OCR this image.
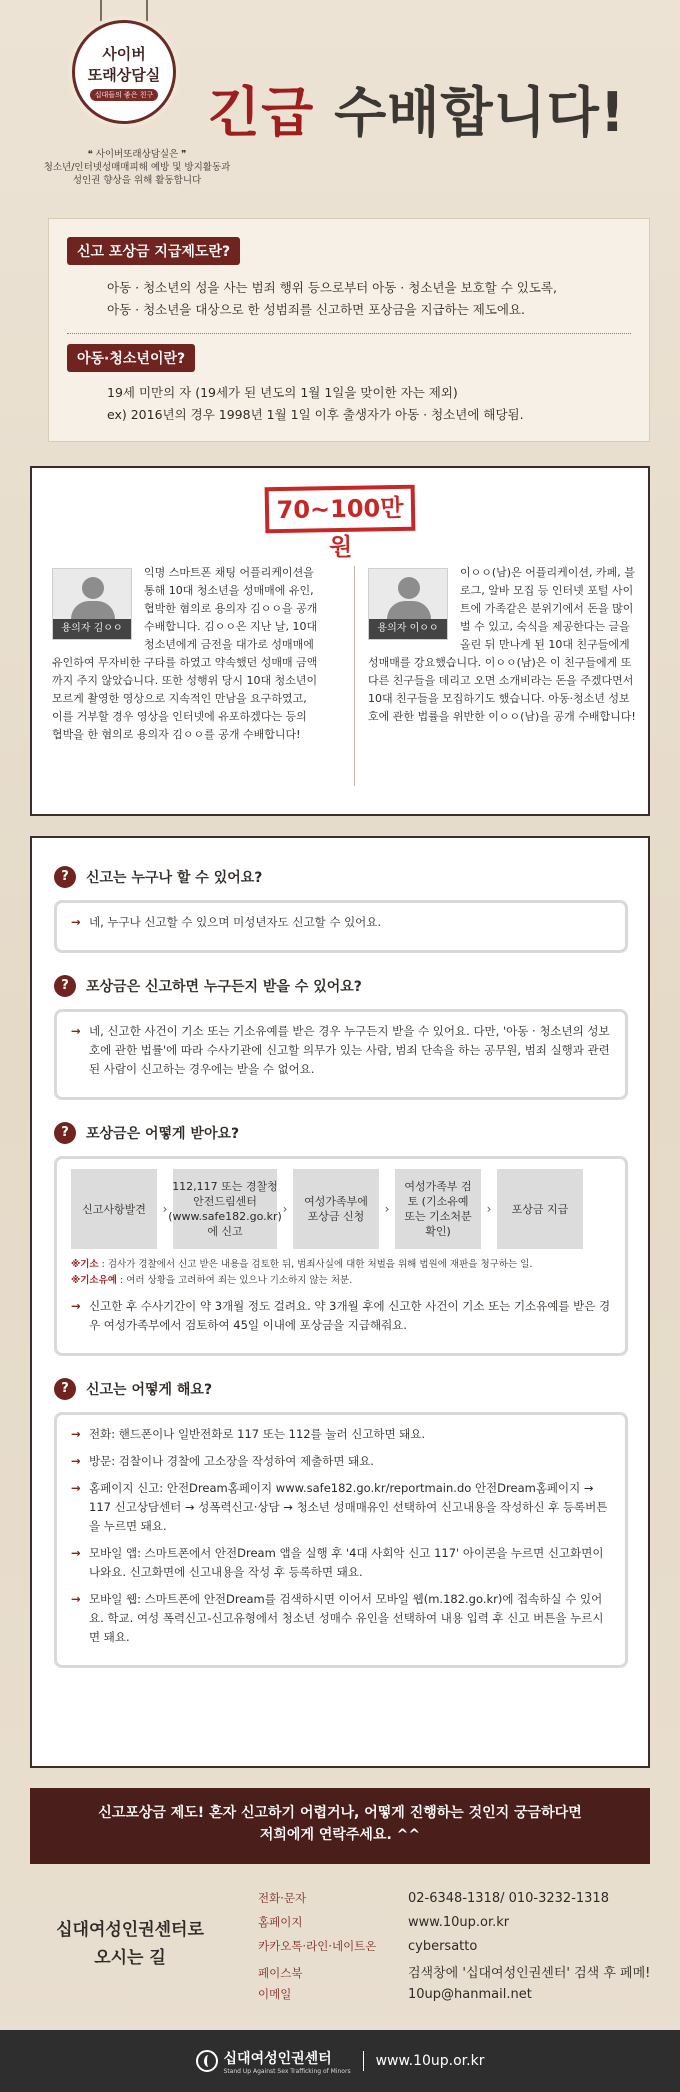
사이버
또래상담실
십대들의 좋은 친구	긴급 수배합니다!
❝ 사이버또래상담실은 ❞
청소년/인터넷성매매피해 예방 및 방지활동과
성인권 향상을 위해 활동합니다
신고 포상금 지급제도란?

아동 · 청소년의 성을 사는 범죄 행위 등으로부터 아동 · 청소년을 보호할 수 있도록,

아동 · 청소년을 대상으로 한 성범죄를 신고하면 포상금을 지급하는 제도에요.

아동·청소년이란?

19세 미만의 자 (19세가 된 년도의 1월 1일을 맞이한 자는 제외)

ex) 2016년의 경우 1998년 1월 1일 이후 출생자가 아동 · 청소년에 해당됨.

70~100만원
용의자 김ㅇㅇ
익명 스마트폰 채팅 어플리케이션을 통해 10대 청소년을 성매매에 유인, 협박한 혐의로 용의자 김ㅇㅇ을 공개 수배합니다. 김ㅇㅇ은 지난 날, 10대 청소년에게 금전을 대가로 성매매에 유인하여 무자비한 구타를 하였고 약속했던 성매매 금액까지 주지 않았습니다. 또한 성행위 당시 10대 청소년이 모르게 촬영한 영상으로 지속적인 만남을 요구하였고, 이를 거부할 경우 영상을 인터넷에 유포하겠다는 등의 협박을 한 혐의로 용의자 김ㅇㅇ를 공개 수배합니다!
용의자 이ㅇㅇ
이ㅇㅇ(남)은 어플리케이션, 카페, 블로그, 알바 모집 등 인터넷 포털 사이트에 가족같은 분위기에서 돈을 많이 벌 수 있고, 숙식을 제공한다는 글을 올린 뒤 만나게 된 10대 친구들에게 성매매를 강요했습니다. 이ㅇㅇ(남)은 이 친구들에게 또 다른 친구들을 데리고 오면 소개비라는 돈을 주겠다면서 10대 친구들을 모집하기도 했습니다. 아동·청소년 성보호에 관한 법률을 위반한 이ㅇㅇ(남)을 공개 수배합니다!
?	신고는 누구나 할 수 있어요?
→ 네, 누구나 신고할 수 있으며 미성년자도 신고할 수 있어요.
?	포상금은 신고하면 누구든지 받을 수 있어요?
→ 네, 신고한 사건이 기소 또는 기소유예를 받은 경우 누구든지 받을 수 있어요. 다만, '아동 · 청소년의 성보호에 관한 법률'에 따라 수사기관에 신고할 의무가 있는 사람, 범죄 단속을 하는 공무원, 범죄 실행과 관련된 사람이 신고하는 경우에는 받을 수 없어요.
?	포상금은 어떻게 받아요?
신고사항발견	›
112,117 또는 경찰청 안전드림센터 (www.safe182.go.kr)에 신고
›	여성가족부에 포상금 신청
›
여성가족부 검토 (기소유예 또는 기소처분 확인)
›	포상금 지급
※기소 : 검사가 경찰에서 신고 받은 내용을 검토한 뒤, 범죄사실에 대한 처벌을 위해 법원에 재판을 청구하는 일.
※기소유예 : 여러 상황을 고려하여 죄는 있으나 기소하지 않는 처분.
→ 신고한 후 수사기간이 약 3개월 정도 걸려요. 약 3개월 후에 신고한 사건이 기소 또는 기소유예를 받은 경우 여성가족부에서 검토하여 45일 이내에 포상금을 지급해줘요.
?	신고는 어떻게 해요?
→ 전화: 핸드폰이나 일반전화로 117 또는 112를 눌러 신고하면 돼요.
→ 방문: 검찰이나 경찰에 고소장을 작성하여 제출하면 돼요.
→ 홈페이지 신고: 안전Dream홈페이지 www.safe182.go.kr/reportmain.do 안전Dream홈페이지 → 117 신고상담센터 → 성폭력신고·상담 → 청소년 성매매유인 선택하여 신고내용을 작성하신 후 등록버튼을 누르면 돼요.
→ 모바일 앱: 스마트폰에서 안전Dream 앱을 실행 후 '4대 사회악 신고 117' 아이콘을 누르면 신고화면이 나와요. 신고화면에 신고내용을 작성 후 등록하면 돼요.
→ 모바일 웹: 스마트폰에 안전Dream를 검색하시면 이어서 모바일 웹(m.182.go.kr)에 접속하실 수 있어요. 학교. 여성 폭력신고-신고유형에서 청소년 성매수 유인을 선택하여 내용 입력 후 신고 버튼을 누르시면 돼요.
신고포상금 제도! 혼자 신고하기 어렵거나, 어떻게 진행하는 것인지 궁금하다면
저희에게 연락주세요. ^^
십대여성인권센터로
오시는 길
전화·문자	02-6348-1318/ 010-3232-1318
홈페이지	www.10up.or.kr
카카오톡·라인·네이트온 cybersatto
페이스북	검색창에 '십대여성인권센터' 검색 후 페메!
이메일	10up@hanmail.net
십대여성인권센터
Stand Up Against Sex Trafficking of Minors
www.10up.or.kr
